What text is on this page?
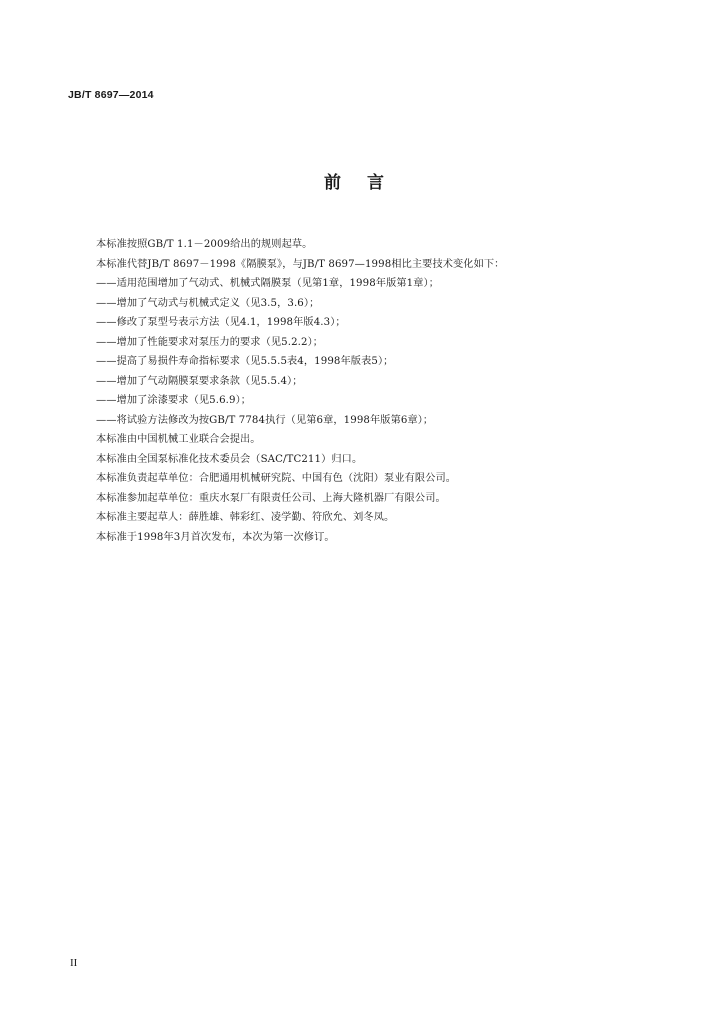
JB/T 8697—2014
前言
本标准按照GB/T 1.1－2009给出的规则起草。
本标准代替JB/T 8697－1998《隔膜泵》，与JB/T 8697—1998相比主要技术变化如下：
——适用范围增加了气动式、机械式隔膜泵（见第1章，1998年版第1章）；
——增加了气动式与机械式定义（见3.5，3.6）；
——修改了泵型号表示方法（见4.1，1998年版4.3）；
——增加了性能要求对泵压力的要求（见5.2.2）；
——提高了易损件寿命指标要求（见5.5.5表4，1998年版表5）；
——增加了气动隔膜泵要求条款（见5.5.4）；
——增加了涂漆要求（见5.6.9）；
——将试验方法修改为按GB/T 7784执行（见第6章，1998年版第6章）；
本标准由中国机械工业联合会提出。
本标准由全国泵标准化技术委员会（SAC/TC211）归口。
本标准负责起草单位：合肥通用机械研究院、中国有色（沈阳）泵业有限公司。
本标准参加起草单位：重庆水泵厂有限责任公司、上海大隆机器厂有限公司。
本标准主要起草人：薛胜雄、韩彩红、凌学勤、符欣允、刘冬凤。
本标准于1998年3月首次发布，本次为第一次修订。
II
